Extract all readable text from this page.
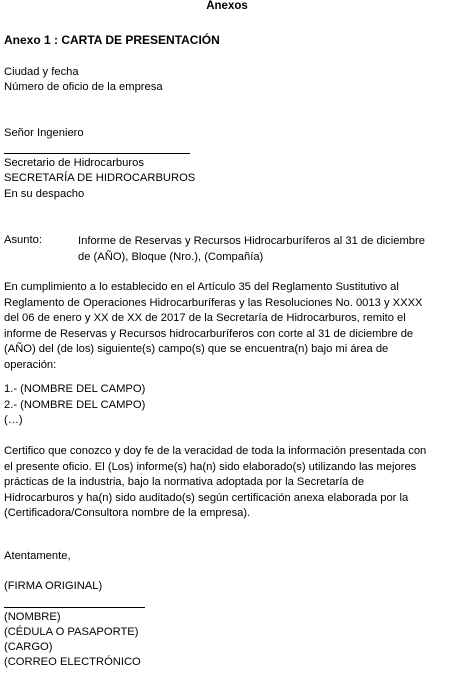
Anexos
Anexo 1 : CARTA DE PRESENTACIÓN
Ciudad y fecha
Número de oficio de la empresa
Señor Ingeniero
Secretario de Hidrocarburos
SECRETARÍA DE HIDROCARBUROS
En su despacho
Asunto:	Informe de Reservas y Recursos Hidrocarburíferos al 31 de diciembre
de (AÑO), Bloque (Nro.), (Compañía)
En cumplimiento a lo establecido en el Artículo 35 del Reglamento Sustitutivo al
Reglamento de Operaciones Hidrocarburíferas y las Resoluciones No. 0013 y XXXX
del 06 de enero y XX de XX de 2017 de la Secretaría de Hidrocarburos, remito el
informe de Reservas y Recursos hidrocarburíferos con corte al 31 de diciembre de
(AÑO) del (de los) siguiente(s) campo(s) que se encuentra(n) bajo mi área de
operación:
1.- (NOMBRE DEL CAMPO)
2.- (NOMBRE DEL CAMPO)
(…)
Certifico que conozco y doy fe de la veracidad de toda la información presentada con
el presente oficio. El (Los) informe(s) ha(n) sido elaborado(s) utilizando las mejores
prácticas de la industria, bajo la normativa adoptada por la Secretaría de
Hidrocarburos y ha(n) sido auditado(s) según certificación anexa elaborada por la
(Certificadora/Consultora nombre de la empresa).
Atentamente,
(FIRMA ORIGINAL)
(NOMBRE)
(CÉDULA O PASAPORTE)
(CARGO)
(CORREO ELECTRÓNICO
